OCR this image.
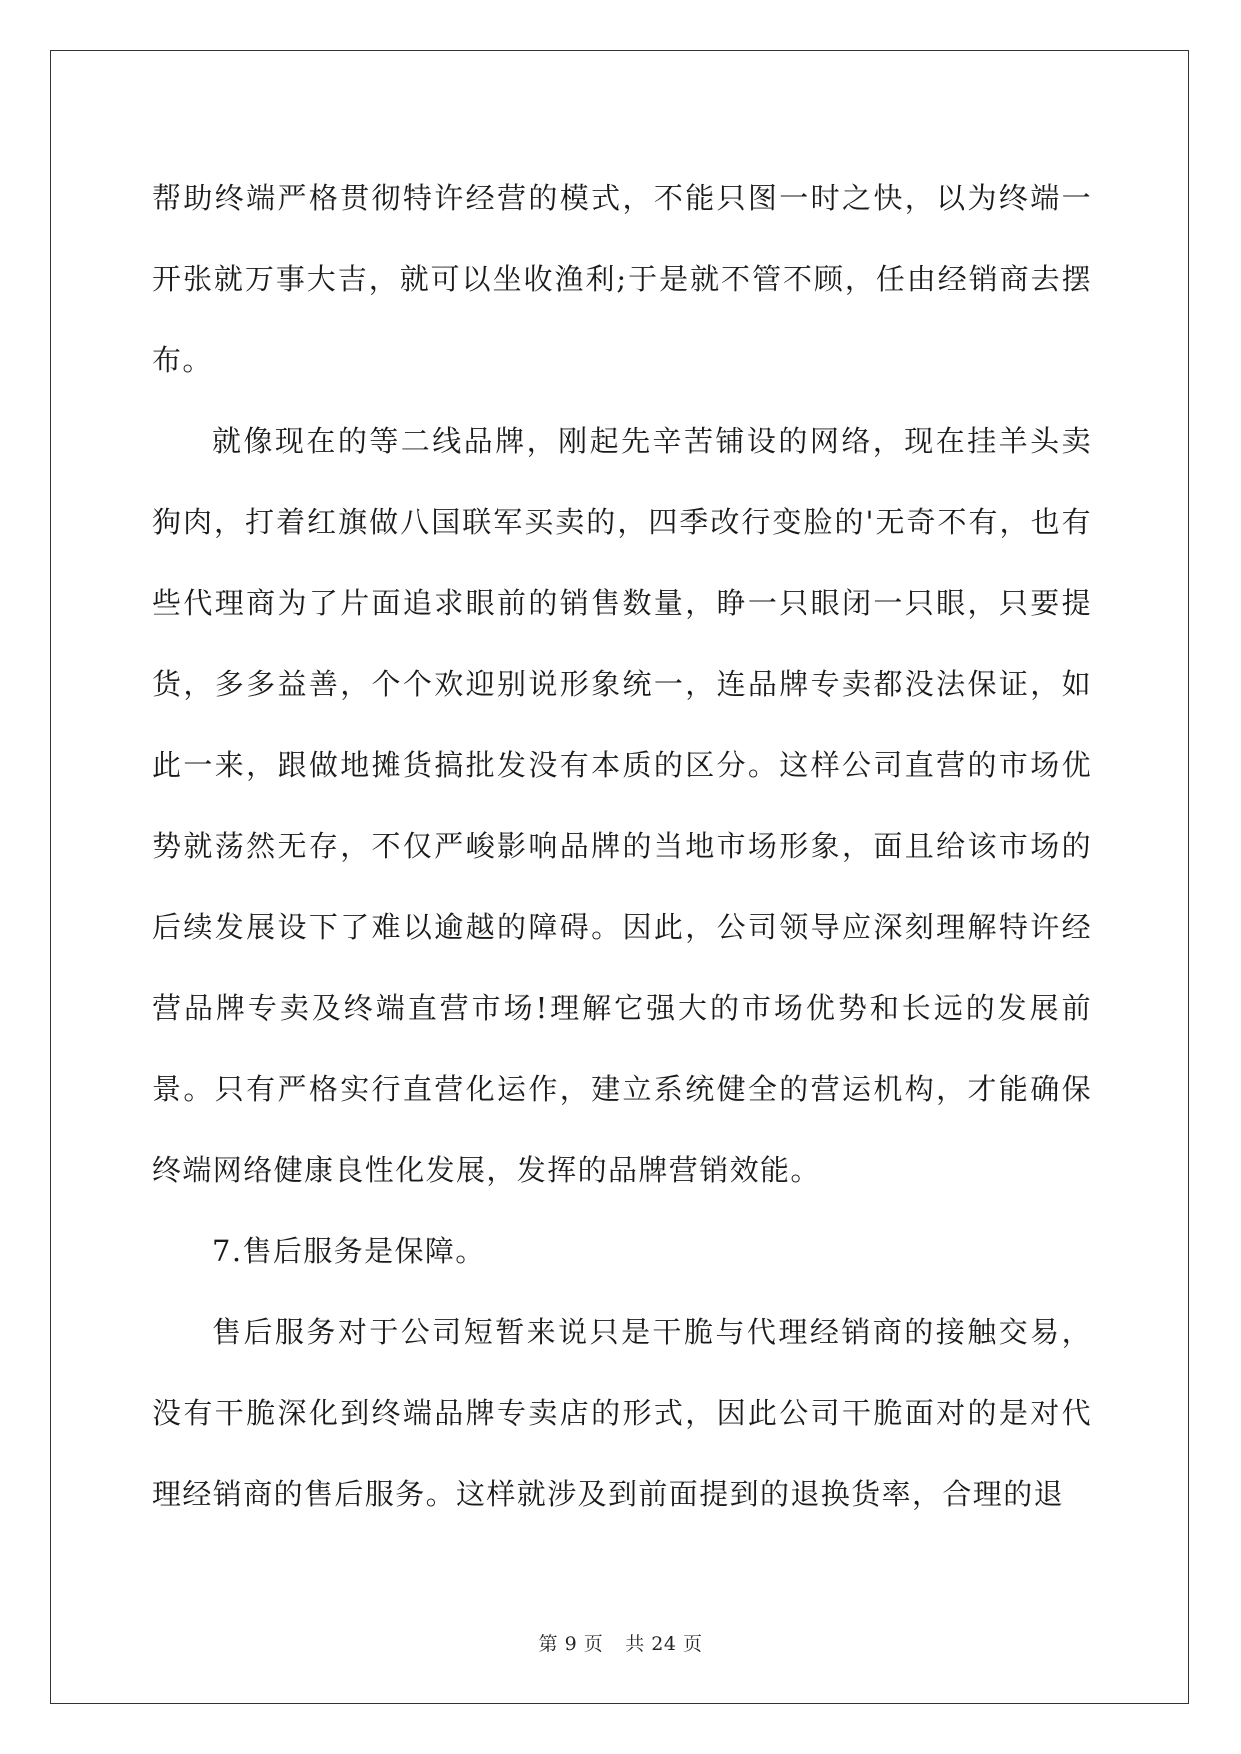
帮助终端严格贯彻特许经营的模式，不能只图一时之快，以为终端一开张就万事大吉，就可以坐收渔利;于是就不管不顾，任由经销商去摆布。

就像现在的等二线品牌，刚起先辛苦铺设的网络，现在挂羊头卖狗肉，打着红旗做八国联军买卖的，四季改行变脸的'无奇不有，也有些代理商为了片面追求眼前的销售数量，睁一只眼闭一只眼，只要提货，多多益善，个个欢迎别说形象统一，连品牌专卖都没法保证，如此一来，跟做地摊货搞批发没有本质的区分。这样公司直营的市场优势就荡然无存，不仅严峻影响品牌的当地市场形象，面且给该市场的后续发展设下了难以逾越的障碍。因此，公司领导应深刻理解特许经营品牌专卖及终端直营市场!理解它强大的市场优势和长远的发展前景。只有严格实行直营化运作，建立系统健全的营运机构，才能确保终端网络健康良性化发展，发挥的品牌营销效能。

7.售后服务是保障。

售后服务对于公司短暂来说只是干脆与代理经销商的接触交易，没有干脆深化到终端品牌专卖店的形式，因此公司干脆面对的是对代理经销商的售后服务。这样就涉及到前面提到的退换货率，合理的退

第 9 页 共 24 页
